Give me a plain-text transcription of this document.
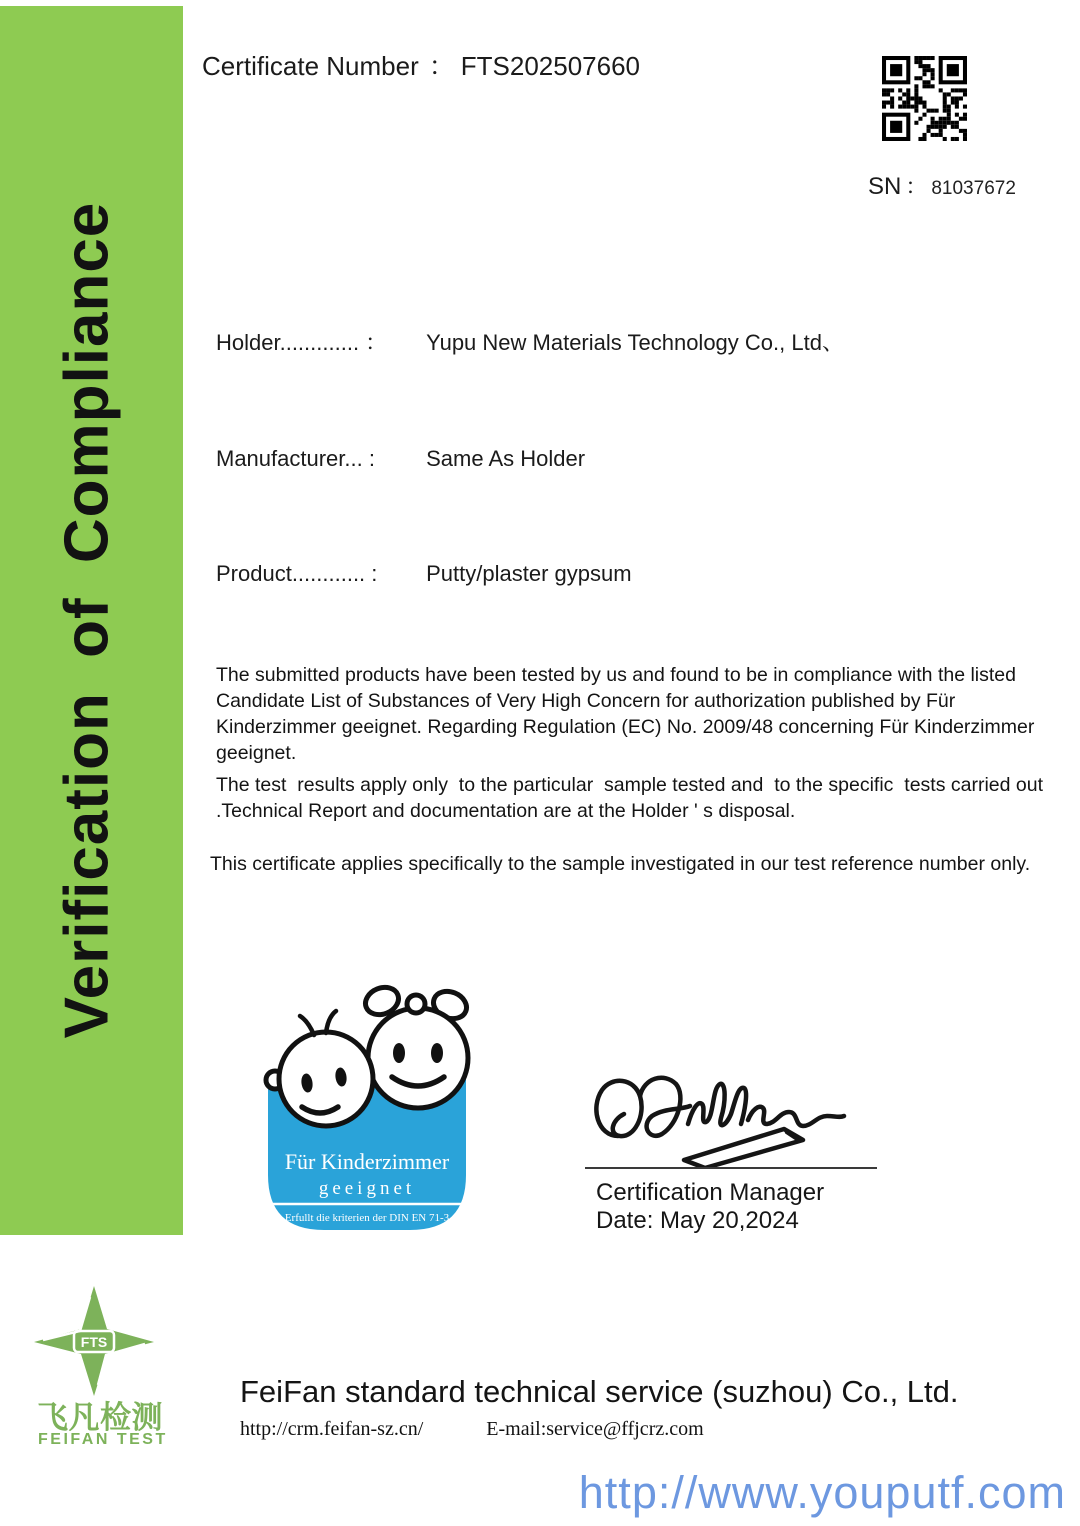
Verification of Compliance
Certificate Number ： FTS202507660
SN ： 81037672
Holder............. ： Yupu New Materials Technology Co., Ltd、
Manufacturer... : Same As Holder
Product............ : Putty/plaster gypsum
The submitted products have been tested by us and found to be in compliance with the listed Candidate List of Substances of Very High Concern for authorization published by Für Kinderzimmer geeignet. Regarding Regulation (EC) No. 2009/48 concerning Für Kinderzimmer geeignet.
The test  results apply only  to the particular  sample tested and  to the specific  tests carried out .Technical Report and documentation are at the Holder ' s disposal.
This certificate applies specifically to the sample investigated in our test reference number only.
Für Kinderzimmer
geeignet
Erfullt die kriterien der DIN EN 71-3
Certification Manager
Date: May 20,2024
FTS
飞凡检测
FEIFAN TEST
FeiFan standard technical service (suzhou) Co., Ltd.
http://crm.feifan-sz.cn/	E-mail:service@ffjcrz.com
http://www.youputf.com
